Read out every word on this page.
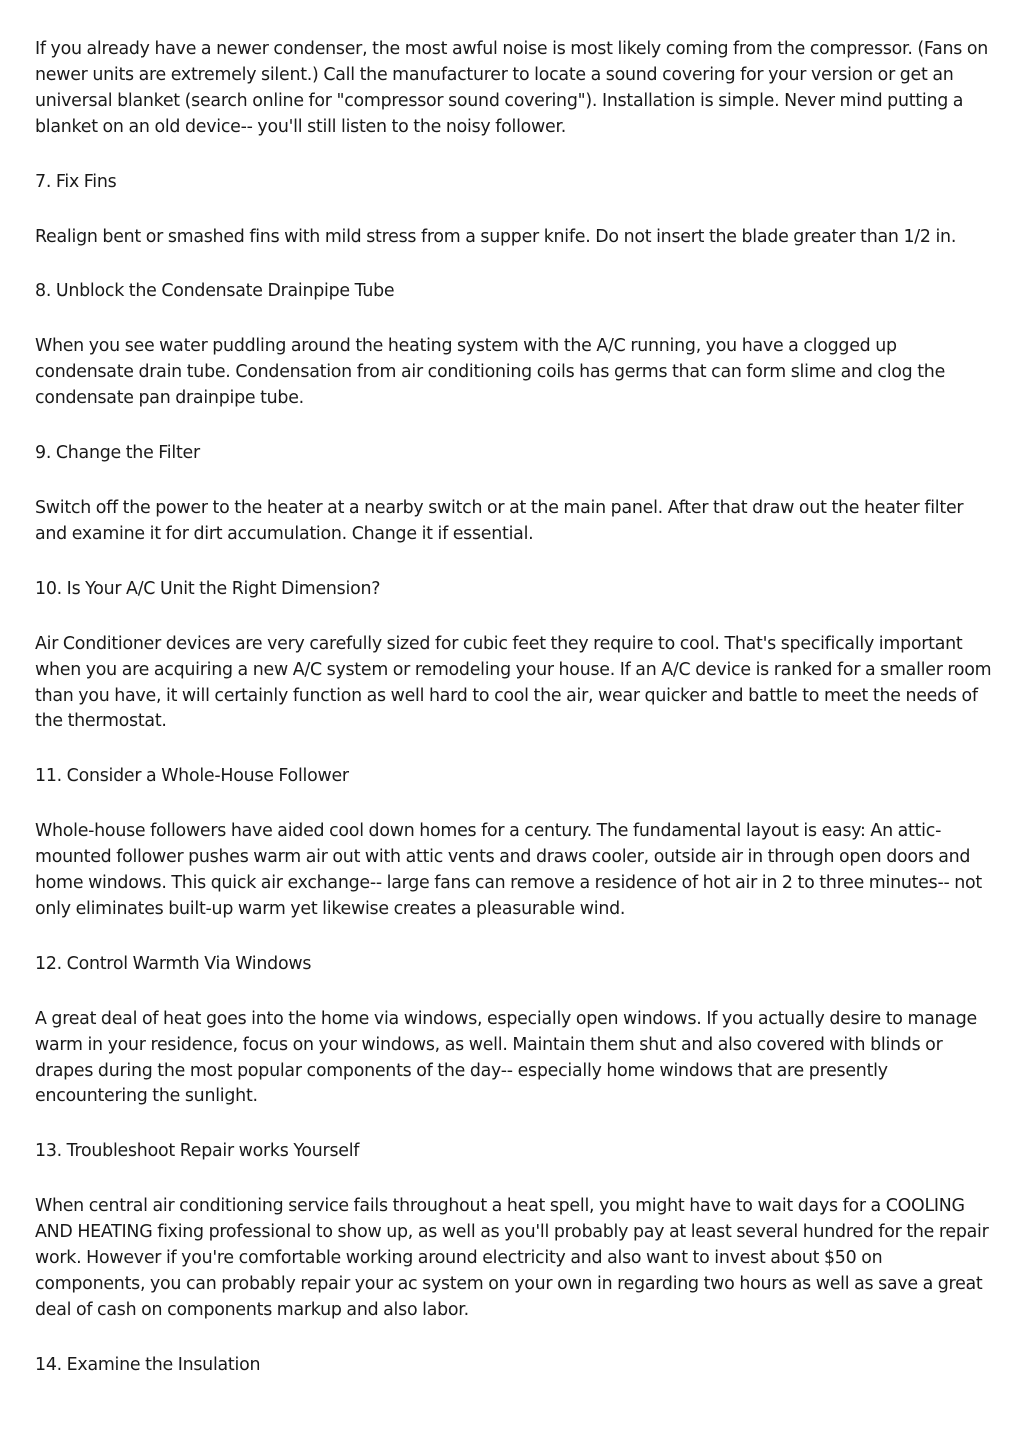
If you already have a newer condenser, the most awful noise is most likely coming from the compressor. (Fans on newer units are extremely silent.) Call the manufacturer to locate a sound covering for your version or get an universal blanket (search online for "compressor sound covering"). Installation is simple. Never mind putting a blanket on an old device-- you'll still listen to the noisy follower.

7. Fix Fins

Realign bent or smashed fins with mild stress from a supper knife. Do not insert the blade greater than 1/2 in.

8. Unblock the Condensate Drainpipe Tube

When you see water puddling around the heating system with the A/C running, you have a clogged up condensate drain tube. Condensation from air conditioning coils has germs that can form slime and clog the condensate pan drainpipe tube.

9. Change the Filter

Switch off the power to the heater at a nearby switch or at the main panel. After that draw out the heater filter and examine it for dirt accumulation. Change it if essential.

10. Is Your A/C Unit the Right Dimension?

Air Conditioner devices are very carefully sized for cubic feet they require to cool. That's specifically important when you are acquiring a new A/C system or remodeling your house. If an A/C device is ranked for a smaller room than you have, it will certainly function as well hard to cool the air, wear quicker and battle to meet the needs of the thermostat.

11. Consider a Whole-House Follower

Whole-house followers have aided cool down homes for a century. The fundamental layout is easy: An attic-mounted follower pushes warm air out with attic vents and draws cooler, outside air in through open doors and home windows. This quick air exchange-- large fans can remove a residence of hot air in 2 to three minutes-- not only eliminates built-up warm yet likewise creates a pleasurable wind.

12. Control Warmth Via Windows

A great deal of heat goes into the home via windows, especially open windows. If you actually desire to manage warm in your residence, focus on your windows, as well. Maintain them shut and also covered with blinds or drapes during the most popular components of the day-- especially home windows that are presently encountering the sunlight.

13. Troubleshoot Repair works Yourself

When central air conditioning service fails throughout a heat spell, you might have to wait days for a COOLING AND HEATING fixing professional to show up, as well as you'll probably pay at least several hundred for the repair work. However if you're comfortable working around electricity and also want to invest about $50 on components, you can probably repair your ac system on your own in regarding two hours as well as save a great deal of cash on components markup and also labor.

14. Examine the Insulation
